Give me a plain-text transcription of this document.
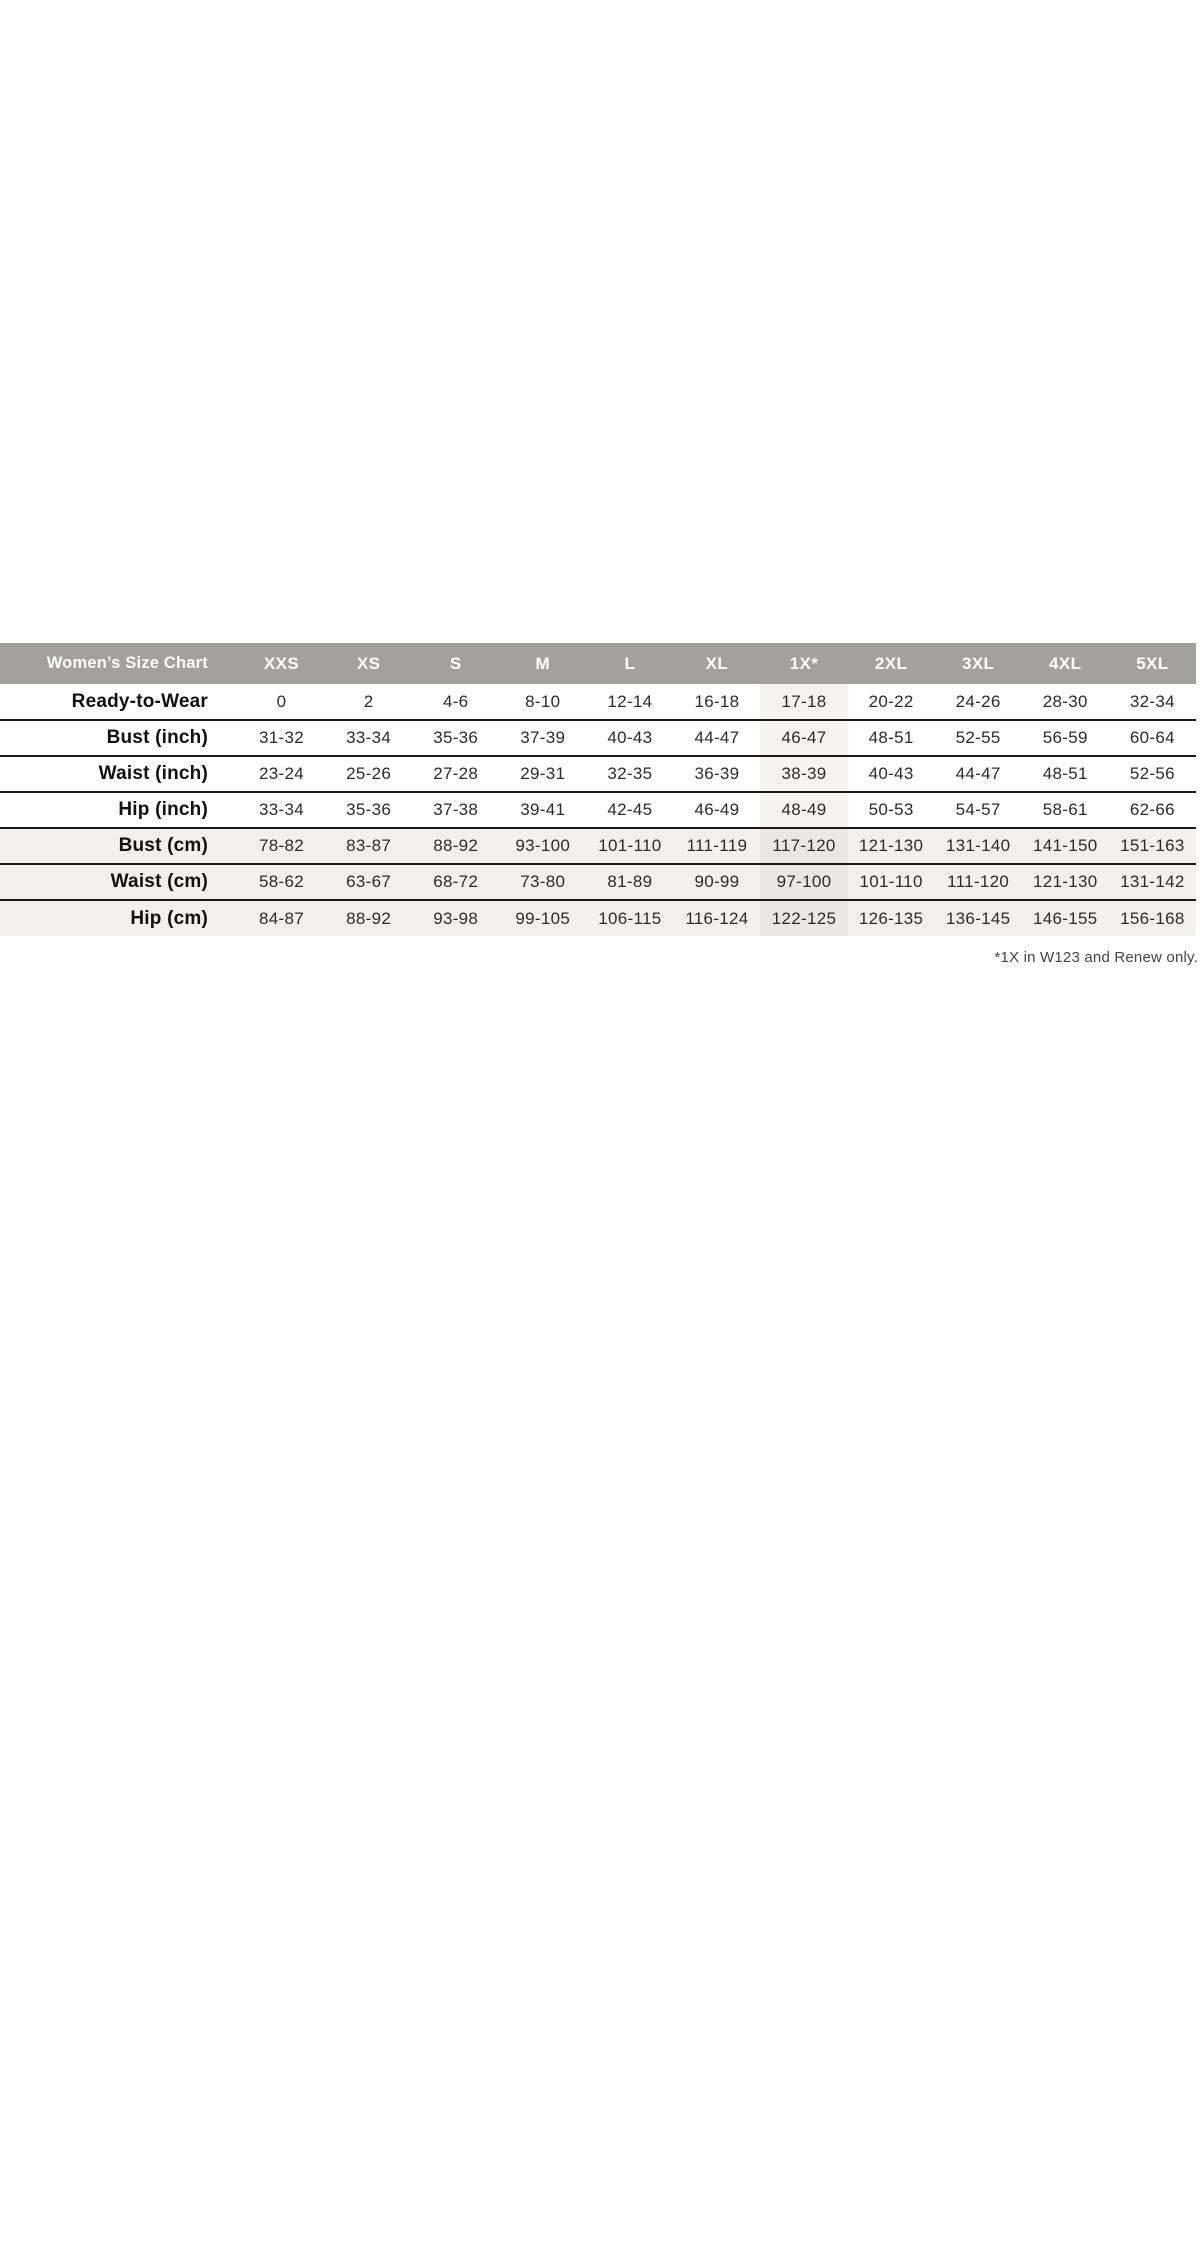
Women’s Size Chart	XXS	XS	S	M	L	XL	1X*	2XL	3XL	4XL	5XL
Ready-to-Wear	0	2	4-6	8-10	12-14	16-18	17-18	20-22	24-26	28-30	32-34
Bust (inch)	31-32	33-34	35-36	37-39	40-43	44-47	46-47	48-51	52-55	56-59	60-64
Waist (inch)	23-24	25-26	27-28	29-31	32-35	36-39	38-39	40-43	44-47	48-51	52-56
Hip (inch)	33-34	35-36	37-38	39-41	42-45	46-49	48-49	50-53	54-57	58-61	62-66
Bust (cm)	78-82	83-87	88-92	93-100	101-110	111-119	117-120	121-130	131-140	141-150	151-163
Waist (cm)	58-62	63-67	68-72	73-80	81-89	90-99	97-100	101-110	111-120	121-130	131-142
Hip (cm)	84-87	88-92	93-98	99-105	106-115	116-124	122-125	126-135	136-145	146-155	156-168
*1X in W123 and Renew only.
